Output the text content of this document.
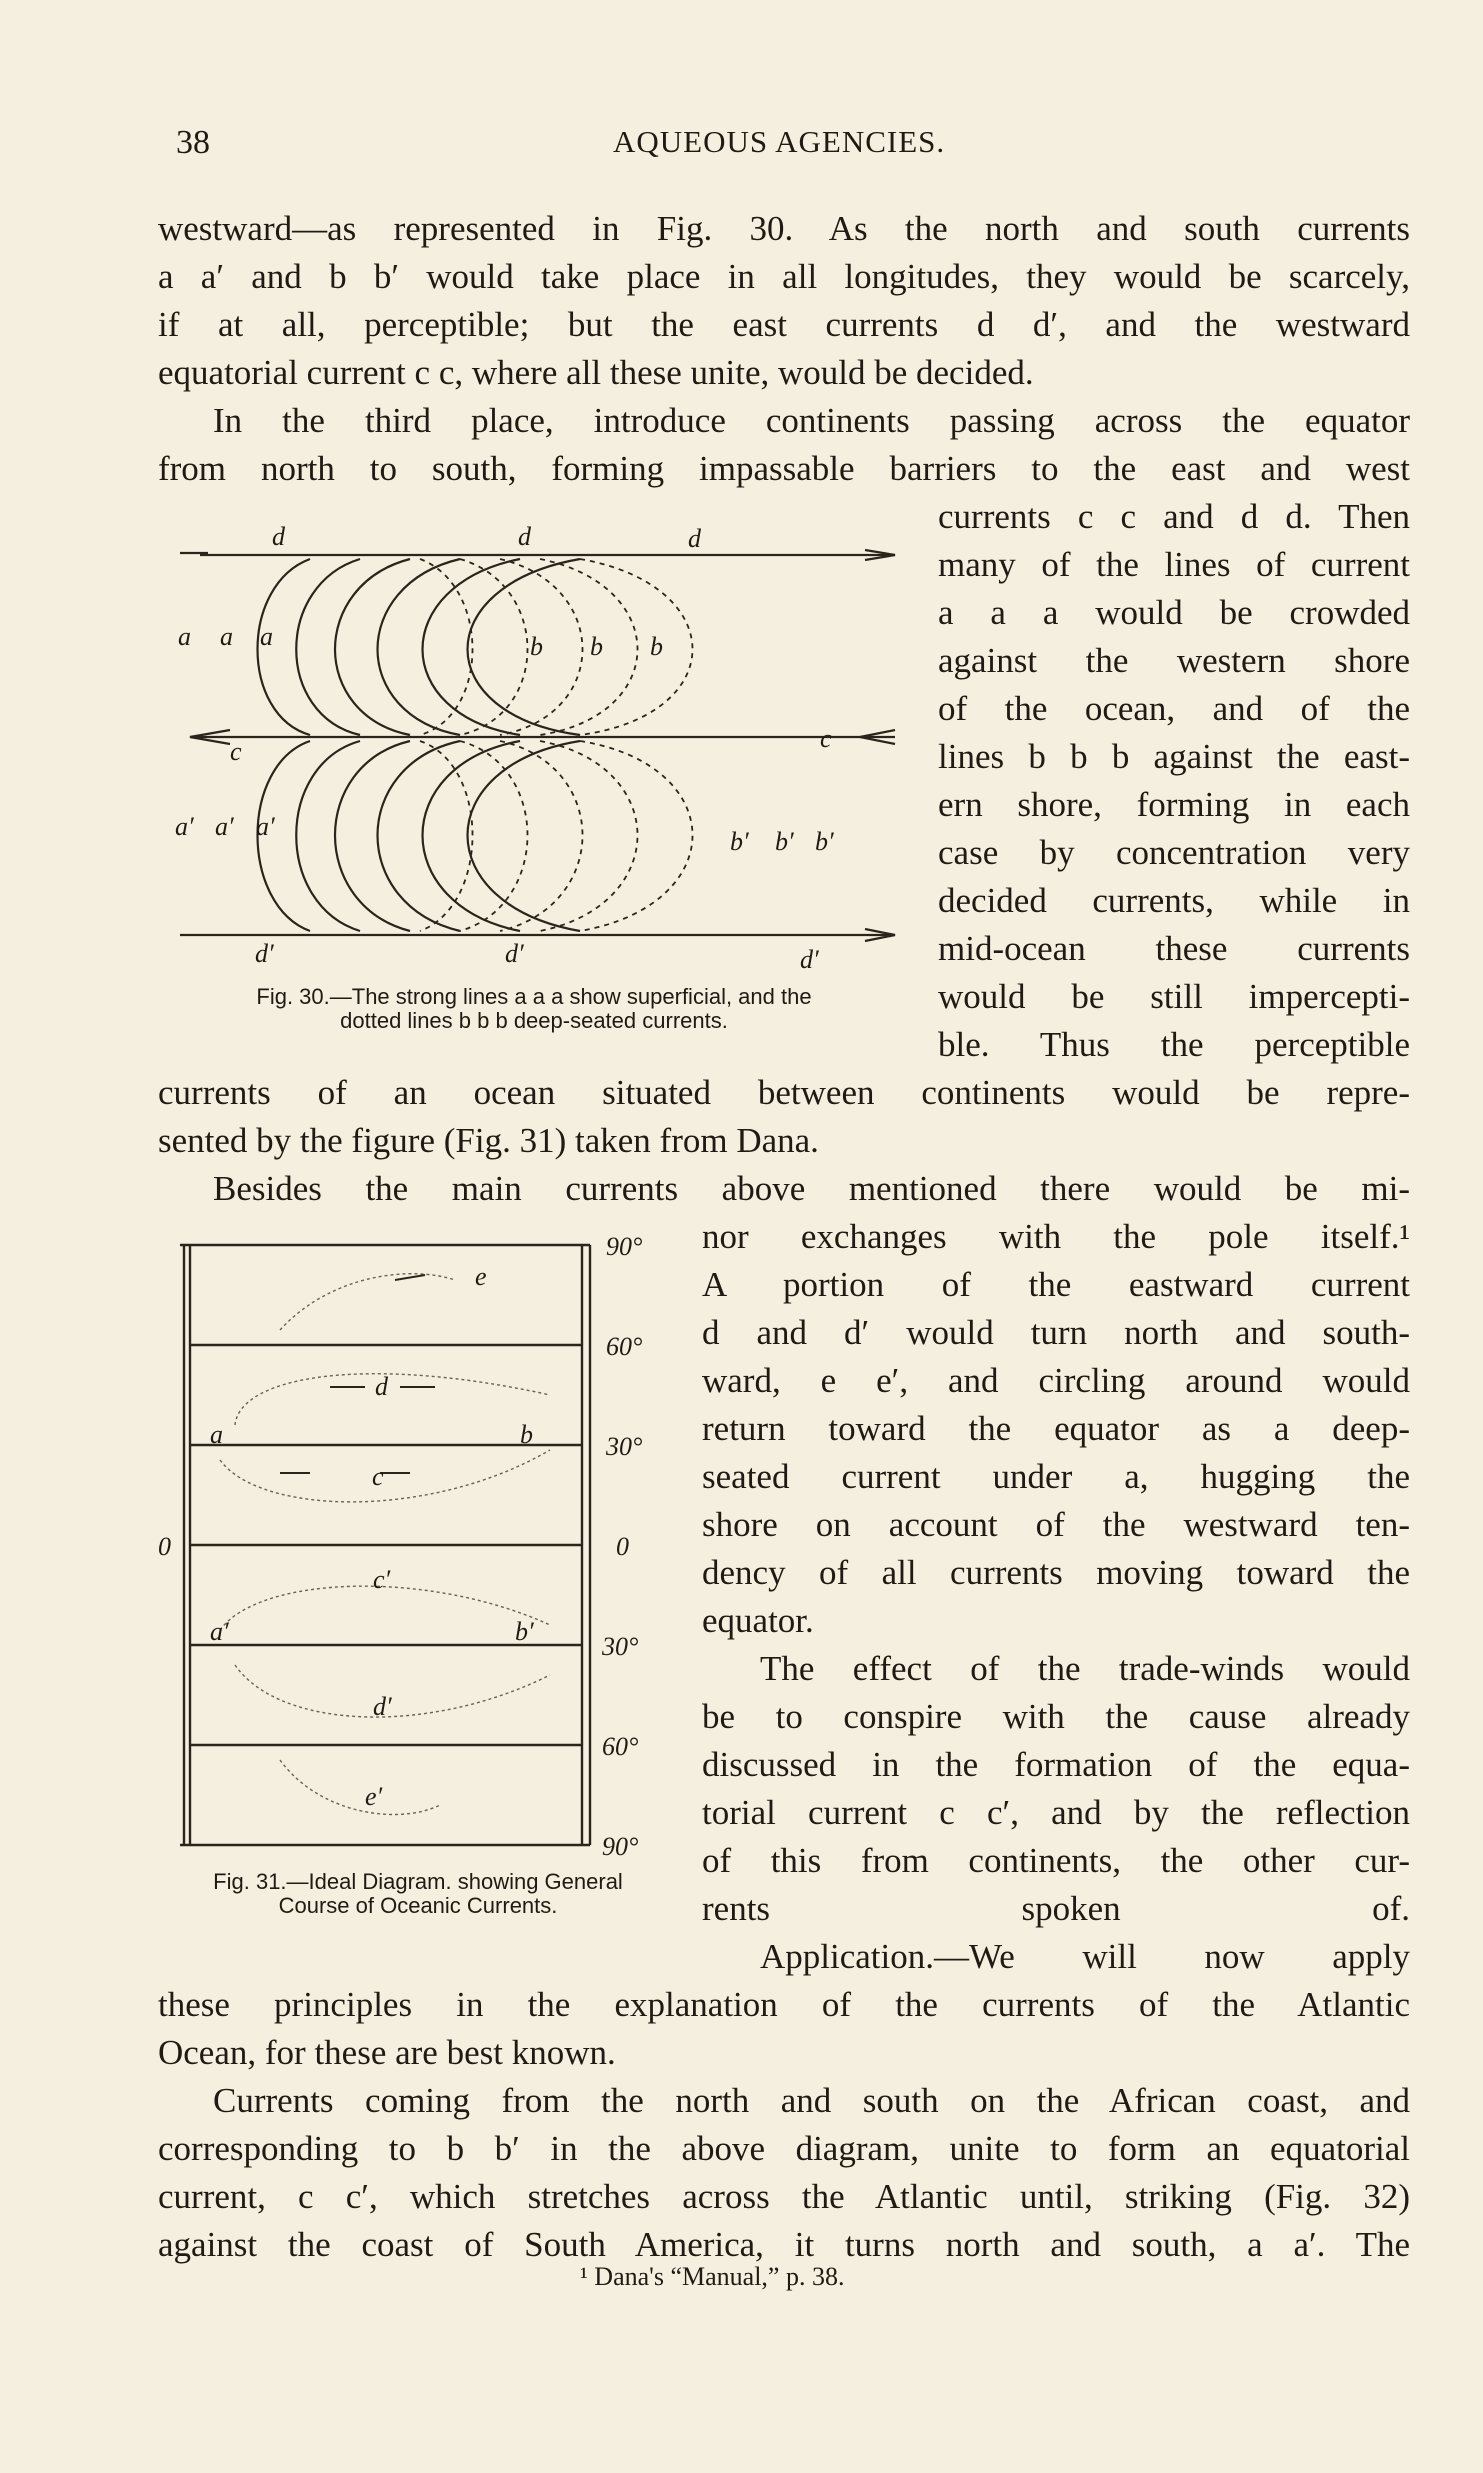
38	AQUEOUS AGENCIES.
westward—as represented in Fig. 30. As the north and south currents
a a′ and b b′ would take place in all longitudes, they would be scarcely,
if at all, perceptible; but the east currents d d′, and the westward
equatorial current c c, where all these unite, would be decided.
In the third place, introduce continents passing across the equator
from north to south, forming impassable barriers to the east and west
currents c c and d d. Then
many of the lines of current
a a a would be crowded
against the western shore
of the ocean, and of the
lines b b b against the east-
ern shore, forming in each
case by concentration very
decided currents, while in
mid-ocean these currents
would be still impercepti-
ble. Thus the perceptible
currents of an ocean situated between continents would be repre-
sented by the figure (Fig. 31) taken from Dana.
Besides the main currents above mentioned there would be mi-
nor exchanges with the pole itself.¹
A portion of the eastward current
d and d′ would turn north and south-
ward, e e′, and circling around would
return toward the equator as a deep-
seated current under a, hugging the
shore on account of the westward ten-
dency of all currents moving toward the
equator.
The effect of the trade-winds would
be to conspire with the cause already
discussed in the formation of the equa-
torial current c c′, and by the reflection
of this from continents, the other cur-
rents spoken of.
Application.—We will now apply
these principles in the explanation of the currents of the Atlantic
Ocean, for these are best known.
Currents coming from the north and south on the African coast, and
corresponding to b b′ in the above diagram, unite to form an equatorial
current, c c′, which stretches across the Atlantic until, striking (Fig. 32)
against the coast of South America, it turns north and south, a a′. The
d	d	d
a a a	b b b
c	c
a′ a′ a′
b′ b′ b′
d′	d′	d′
Fig. 30.—The strong lines a a a show superficial, and the
dotted lines b b b deep-seated currents.
e
d
a	b
c
c′
a′	b′
d′
e′
90°
60°
30°
0
30°
60°
90°
0
Fig. 31.—Ideal Diagram. showing General
Course of Oceanic Currents.
¹ Dana's “Manual,” p. 38.
